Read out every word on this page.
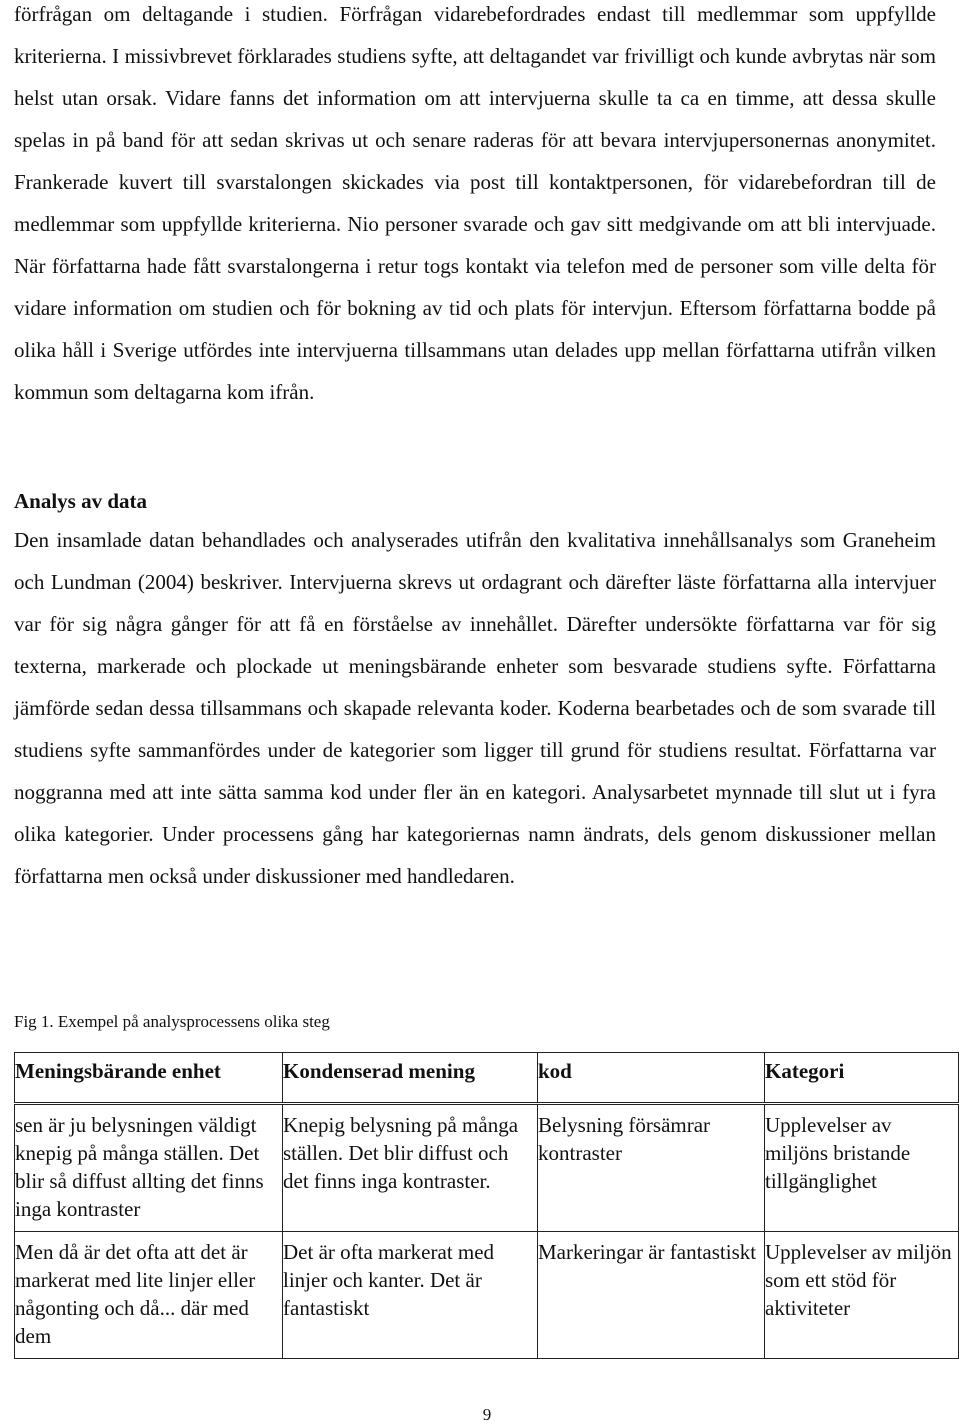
förfrågan om deltagande i studien. Förfrågan vidarebefordrades endast till medlemmar som uppfyllde kriterierna. I missivbrevet förklarades studiens syfte, att deltagandet var frivilligt och kunde avbrytas när som helst utan orsak. Vidare fanns det information om att intervjuerna skulle ta ca en timme, att dessa skulle spelas in på band för att sedan skrivas ut och senare raderas för att bevara intervjupersonernas anonymitet. Frankerade kuvert till svarstalongen skickades via post till kontaktpersonen, för vidarebefordran till de medlemmar som uppfyllde kriterierna. Nio personer svarade och gav sitt medgivande om att bli intervjuade. När författarna hade fått svarstalongerna i retur togs kontakt via telefon med de personer som ville delta för vidare information om studien och för bokning av tid och plats för intervjun. Eftersom författarna bodde på olika håll i Sverige utfördes inte intervjuerna tillsammans utan delades upp mellan författarna utifrån vilken kommun som deltagarna kom ifrån.

Analys av data

Den insamlade datan behandlades och analyserades utifrån den kvalitativa innehållsanalys som Graneheim och Lundman (2004) beskriver. Intervjuerna skrevs ut ordagrant och därefter läste författarna alla intervjuer var för sig några gånger för att få en förståelse av innehållet. Därefter undersökte författarna var för sig texterna, markerade och plockade ut meningsbärande enheter som besvarade studiens syfte. Författarna jämförde sedan dessa tillsammans och skapade relevanta koder. Koderna bearbetades och de som svarade till studiens syfte sammanfördes under de kategorier som ligger till grund för studiens resultat. Författarna var noggranna med att inte sätta samma kod under fler än en kategori. Analysarbetet mynnade till slut ut i fyra olika kategorier. Under processens gång har kategoriernas namn ändrats, dels genom diskussioner mellan författarna men också under diskussioner med handledaren.

Fig 1. Exempel på analysprocessens olika steg

Meningsbärande enhet	Kondenserad mening	kod	Kategori

sen är ju belysningen väldigt knepig på många ställen. Det blir så diffust allting det finns inga kontraster	Knepig belysning på många ställen. Det blir diffust och det finns inga kontraster.	Belysning försämrar kontraster	Upplevelser av miljöns bristande tillgänglighet

Men då är det ofta att det är markerat med lite linjer eller någonting och då... där med dem	Det är ofta markerat med linjer och kanter. Det är fantastiskt	Markeringar är fantastiskt	Upplevelser av miljön som ett stöd för aktiviteter
9
